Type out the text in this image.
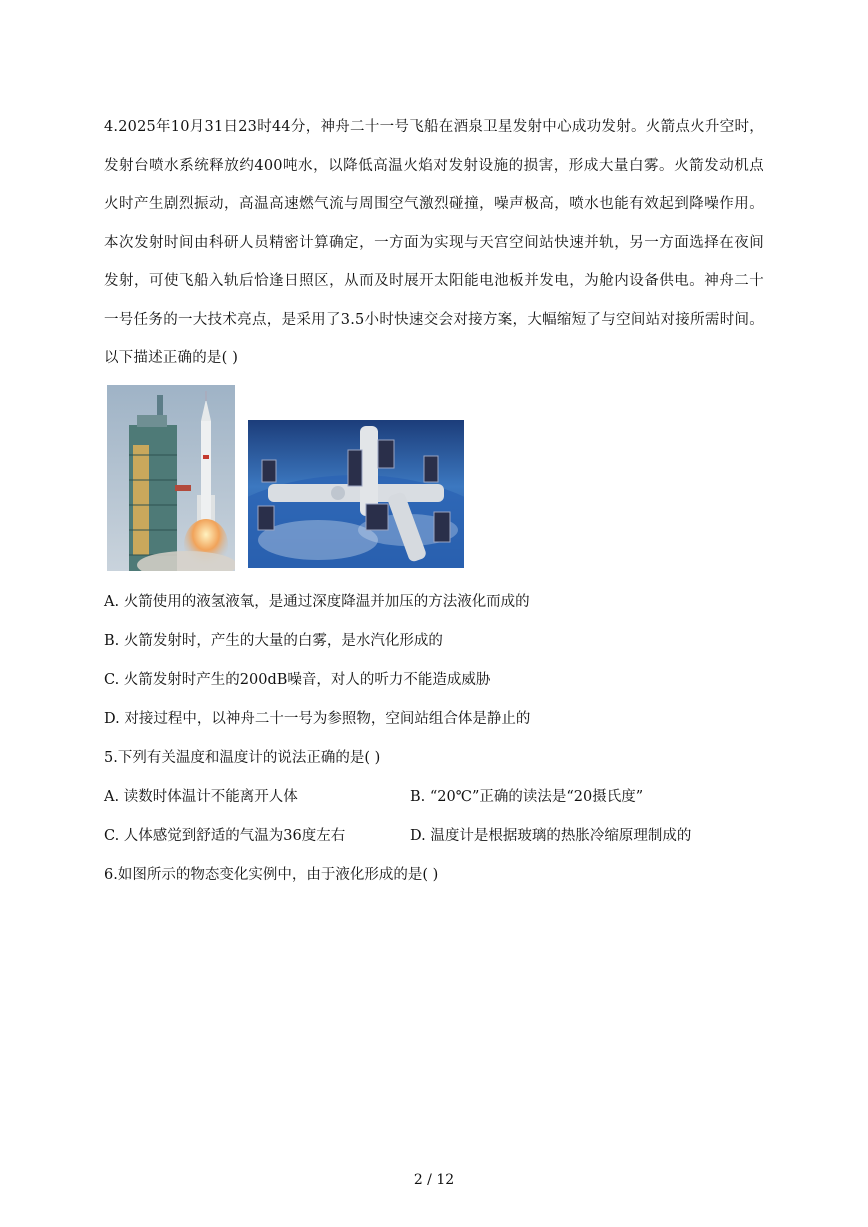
4.2025年10月31日23时44分，神舟二十一号飞船在酒泉卫星发射中心成功发射。火箭点火升空时，发射台喷水系统释放约400吨水，以降低高温火焰对发射设施的损害，形成大量白雾。火箭发动机点火时产生剧烈振动，高温高速燃气流与周围空气激烈碰撞，噪声极高，喷水也能有效起到降噪作用。本次发射时间由科研人员精密计算确定，一方面为实现与天宫空间站快速并轨，另一方面选择在夜间发射，可使飞船入轨后恰逢日照区，从而及时展开太阳能电池板并发电，为舱内设备供电。神舟二十一号任务的一大技术亮点，是采用了3.5小时快速交会对接方案，大幅缩短了与空间站对接所需时间。以下描述正确的是( )
A. 火箭使用的液氢液氧，是通过深度降温并加压的方法液化而成的
B. 火箭发射时，产生的大量的白雾，是水汽化形成的
C. 火箭发射时产生的200dB噪音，对人的听力不能造成威胁
D. 对接过程中，以神舟二十一号为参照物，空间站组合体是静止的
5.下列有关温度和温度计的说法正确的是( )
A. 读数时体温计不能离开人体	B. “20℃”正确的读法是“20摄氏度”
C. 人体感觉到舒适的气温为36度左右	D. 温度计是根据玻璃的热胀冷缩原理制成的
6.如图所示的物态变化实例中，由于液化形成的是( )
2 / 12
